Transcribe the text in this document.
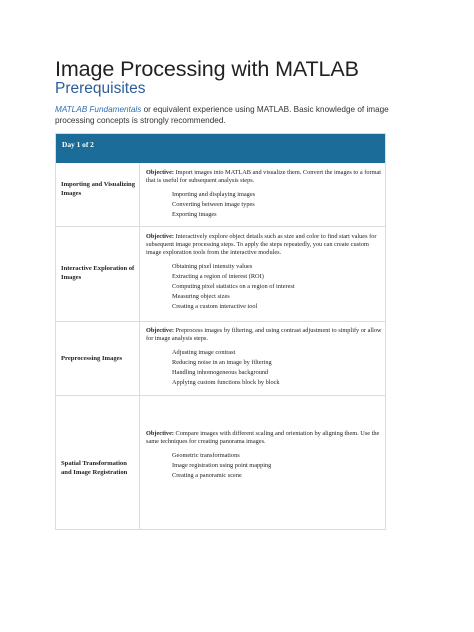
Image Processing with MATLAB
Prerequisites

MATLAB Fundamentals or equivalent experience using MATLAB. Basic knowledge of image processing concepts is strongly recommended.

Day 1 of 2
Importing and Visualizing Images

Objective: Import images into MATLAB and visualize them. Convert the images to a format that is useful for subsequent analysis steps.

Importing and displaying images
Converting between image types
Exporting images
Interactive Exploration of Images

Objective: Interactively explore object details such as size and color to find start values for subsequent image processing steps. To apply the steps repeatedly, you can create custom image exploration tools from the interactive modules.

Obtaining pixel intensity values
Extracting a region of interest (ROI)
Computing pixel statistics on a region of interest
Measuring object sizes
Creating a custom interactive tool
Preprocessing Images

Objective: Preprocess images by filtering, and using contrast adjustment to simplify or allow for image analysis steps.

Adjusting image contrast
Reducing noise in an image by filtering
Handling inhomogeneous background
Applying custom functions block by block
Spatial Transformation and Image Registration

Objective: Compare images with different scaling and orientation by aligning them. Use the same techniques for creating panorama images.

Geometric transformations
Image registration using point mapping
Creating a panoramic scene
